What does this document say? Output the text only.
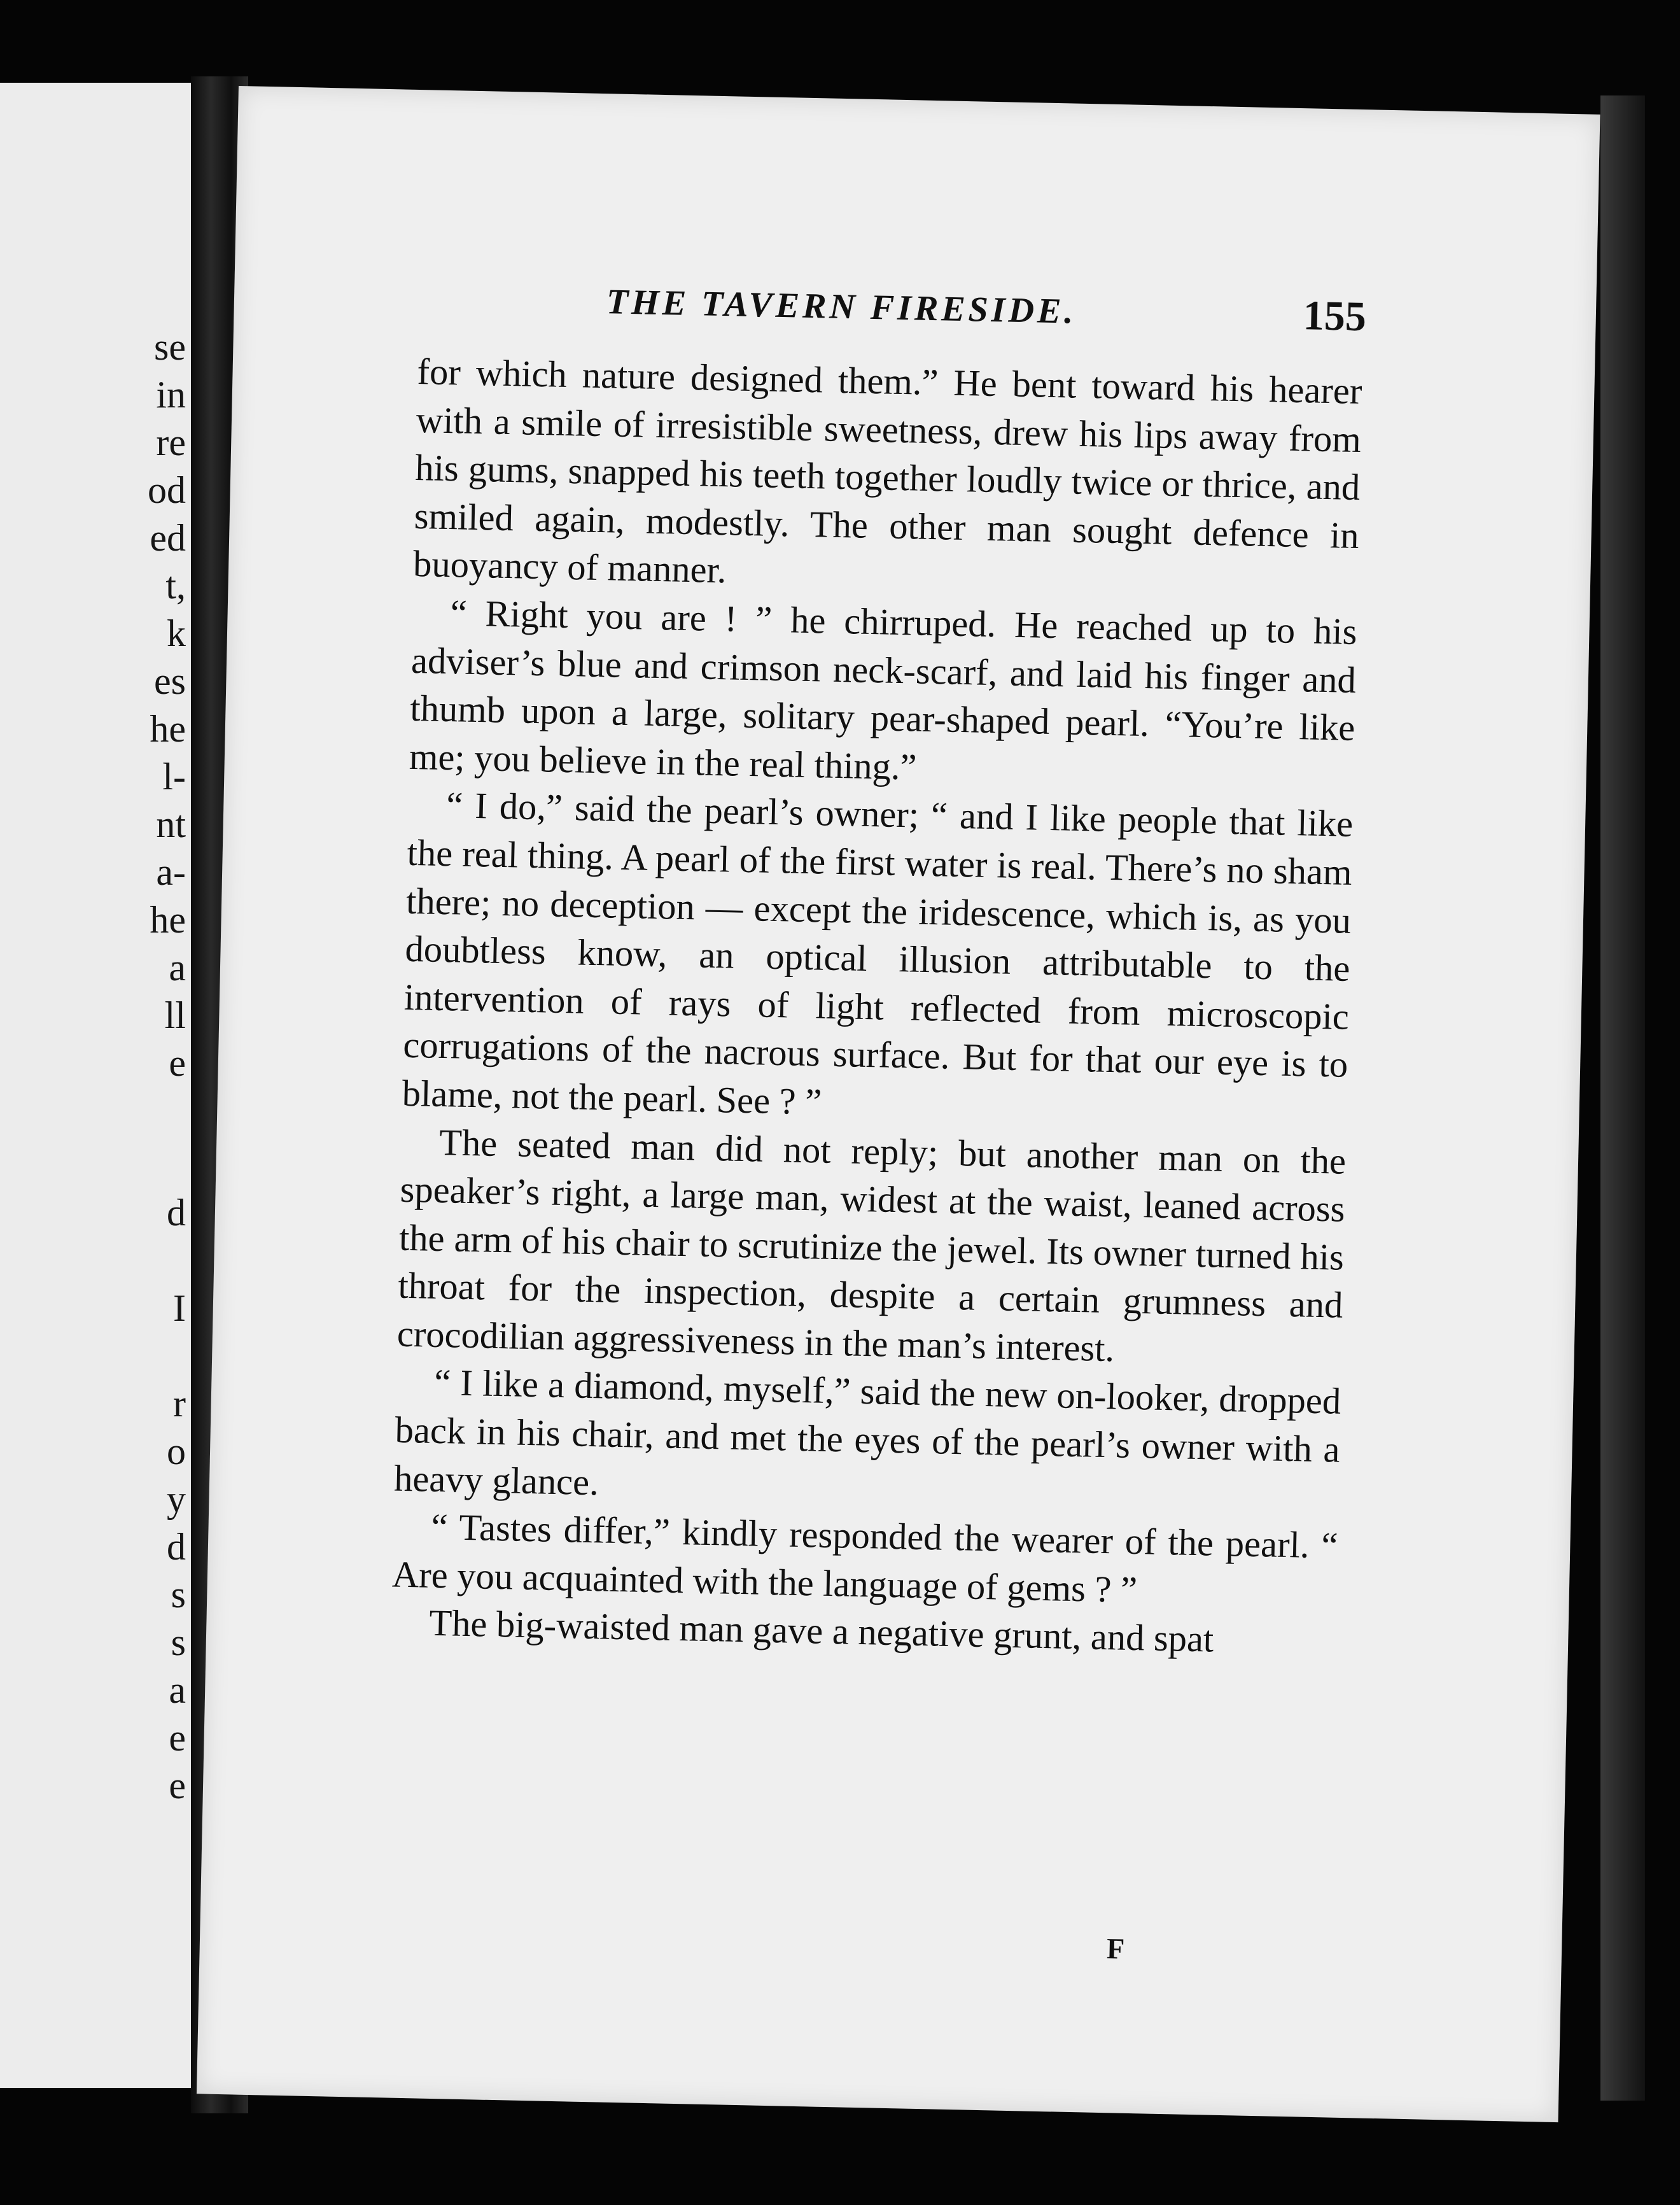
se
in
re
od
ed
t,
k
es
he
l-
nt
a-
he
a
ll
e
d
I
r
o
y
d
s
s
a
e
e
THE TAVERN FIRESIDE.	155

for which nature designed them.” He bent toward his hearer with a smile of irresistible sweetness, drew his lips away from his gums, snapped his teeth together loudly twice or thrice, and smiled again, modestly. The other man sought defence in buoyancy of manner.

“ Right you are ! ” he chirruped. He reached up to his adviser’s blue and crimson neck-scarf, and laid his finger and thumb upon a large, solitary pear-shaped pearl. “You’re like me; you believe in the real thing.”

“ I do,” said the pearl’s owner; “ and I like people that like the real thing. A pearl of the first water is real. There’s no sham there; no deception — except the iridescence, which is, as you doubtless know, an optical illusion attributable to the intervention of rays of light reflected from microscopic corrugations of the nacrous surface. But for that our eye is to blame, not the pearl. See ? ”

The seated man did not reply; but another man on the speaker’s right, a large man, widest at the waist, leaned across the arm of his chair to scrutinize the jewel. Its owner turned his throat for the inspection, despite a certain grumness and crocodilian aggressiveness in the man’s interest.

“ I like a diamond, myself,” said the new on-looker, dropped back in his chair, and met the eyes of the pearl’s owner with a heavy glance.

“ Tastes differ,” kindly responded the wearer of the pearl. “ Are you acquainted with the language of gems ? ”

The big-waisted man gave a negative grunt, and spat

F
